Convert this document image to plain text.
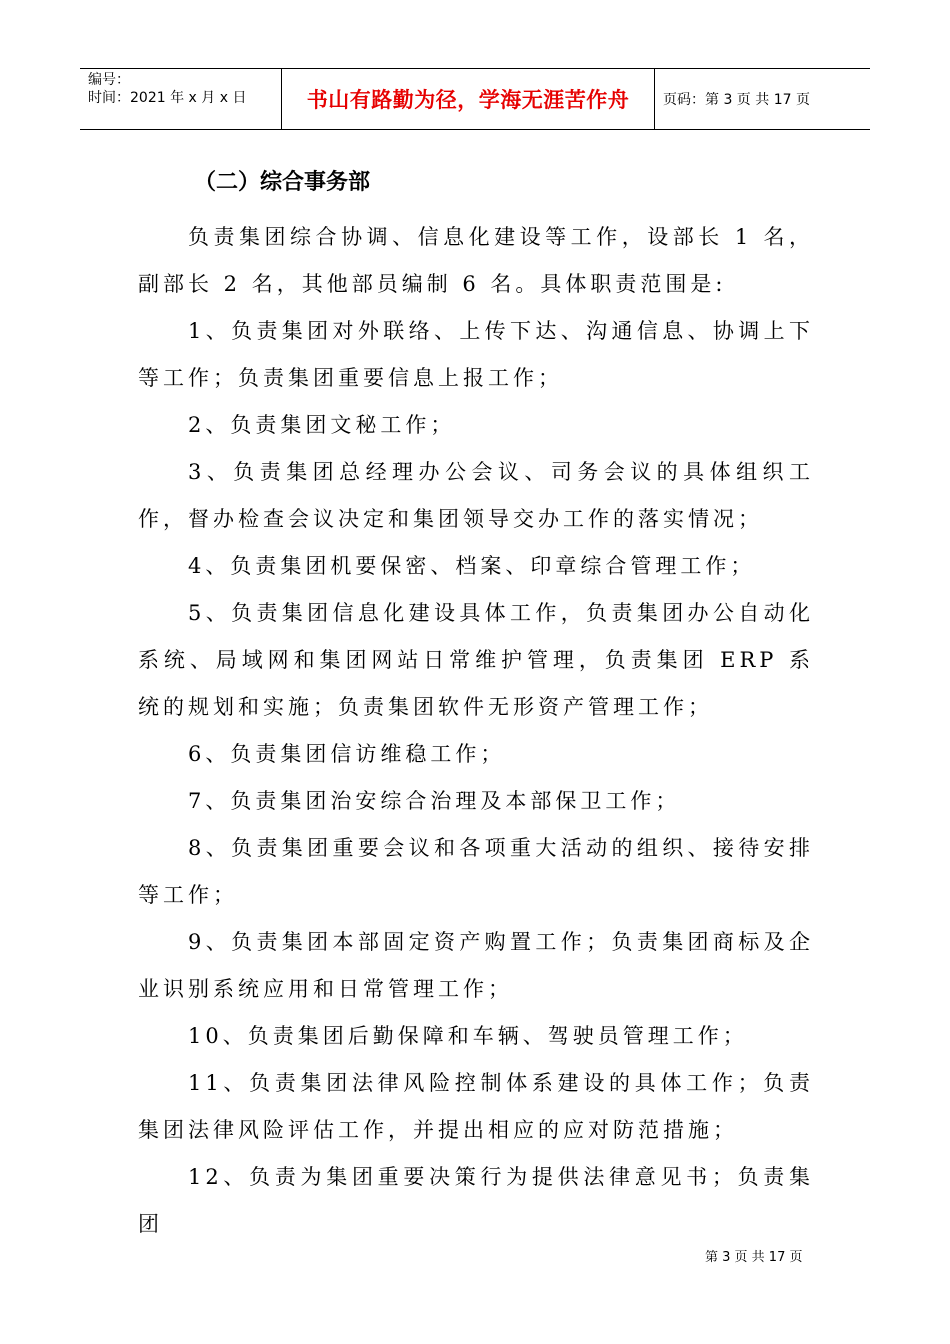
编号：
时间：2021 年 x 月 x 日	书山有路勤为径，学海无涯苦作舟	页码：第 3 页 共 17 页
（二）综合事务部

负责集团综合协调、信息化建设等工作，设部长 1 名，副部长 2 名，其他部员编制 6 名。具体职责范围是:

1、负责集团对外联络、上传下达、沟通信息、协调上下等工作；负责集团重要信息上报工作；

2、负责集团文秘工作；

3、负责集团总经理办公会议、司务会议的具体组织工作，督办检查会议决定和集团领导交办工作的落实情况；

4、负责集团机要保密、档案、印章综合管理工作；

5、负责集团信息化建设具体工作，负责集团办公自动化系统、局域网和集团网站日常维护管理，负责集团 ERP 系统的规划和实施；负责集团软件无形资产管理工作；

6、负责集团信访维稳工作；

7、负责集团治安综合治理及本部保卫工作；

8、负责集团重要会议和各项重大活动的组织、接待安排等工作；

9、负责集团本部固定资产购置工作；负责集团商标及企业识别系统应用和日常管理工作；

10、负责集团后勤保障和车辆、驾驶员管理工作；

11、负责集团法律风险控制体系建设的具体工作；负责集团法律风险评估工作，并提出相应的应对防范措施；

12、负责为集团重要决策行为提供法律意见书；负责集团

第 3 页 共 17 页
